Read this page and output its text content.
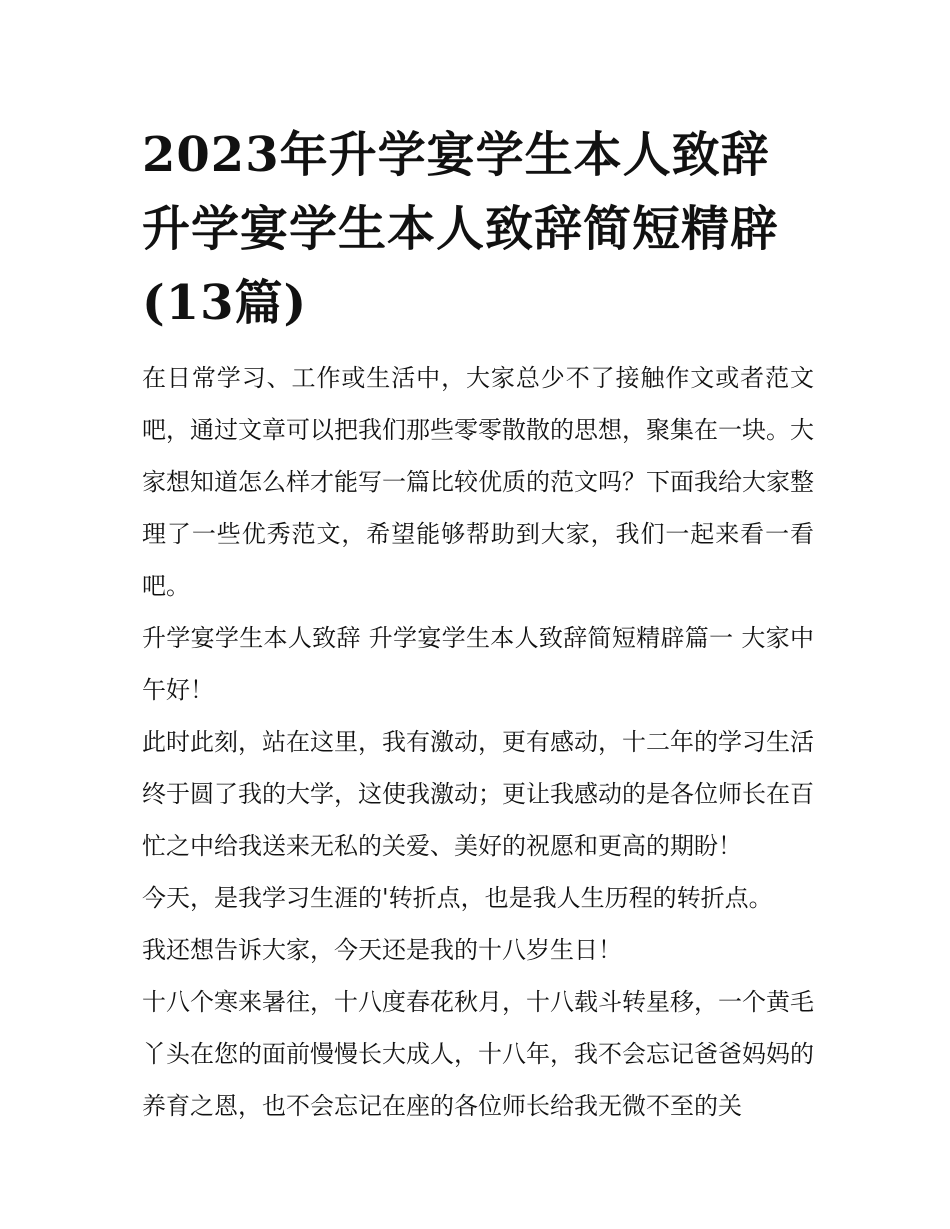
2023年升学宴学生本人致辞
升学宴学生本人致辞简短精辟
(13篇)

在日常学习、工作或生活中，大家总少不了接触作文或者范文吧，通过文章可以把我们那些零零散散的思想，聚集在一块。大家想知道怎么样才能写一篇比较优质的范文吗？下面我给大家整理了一些优秀范文，希望能够帮助到大家，我们一起来看一看吧。

升学宴学生本人致辞 升学宴学生本人致辞简短精辟篇一 大家中午好！

此时此刻，站在这里，我有激动，更有感动，十二年的学习生活终于圆了我的大学，这使我激动；更让我感动的是各位师长在百忙之中给我送来无私的关爱、美好的祝愿和更高的期盼！

今天，是我学习生涯的'转折点，也是我人生历程的转折点。

我还想告诉大家，今天还是我的十八岁生日！

十八个寒来暑往，十八度春花秋月，十八载斗转星移，一个黄毛丫头在您的面前慢慢长大成人，十八年，我不会忘记爸爸妈妈的养育之恩，也不会忘记在座的各位师长给我无微不至的关
